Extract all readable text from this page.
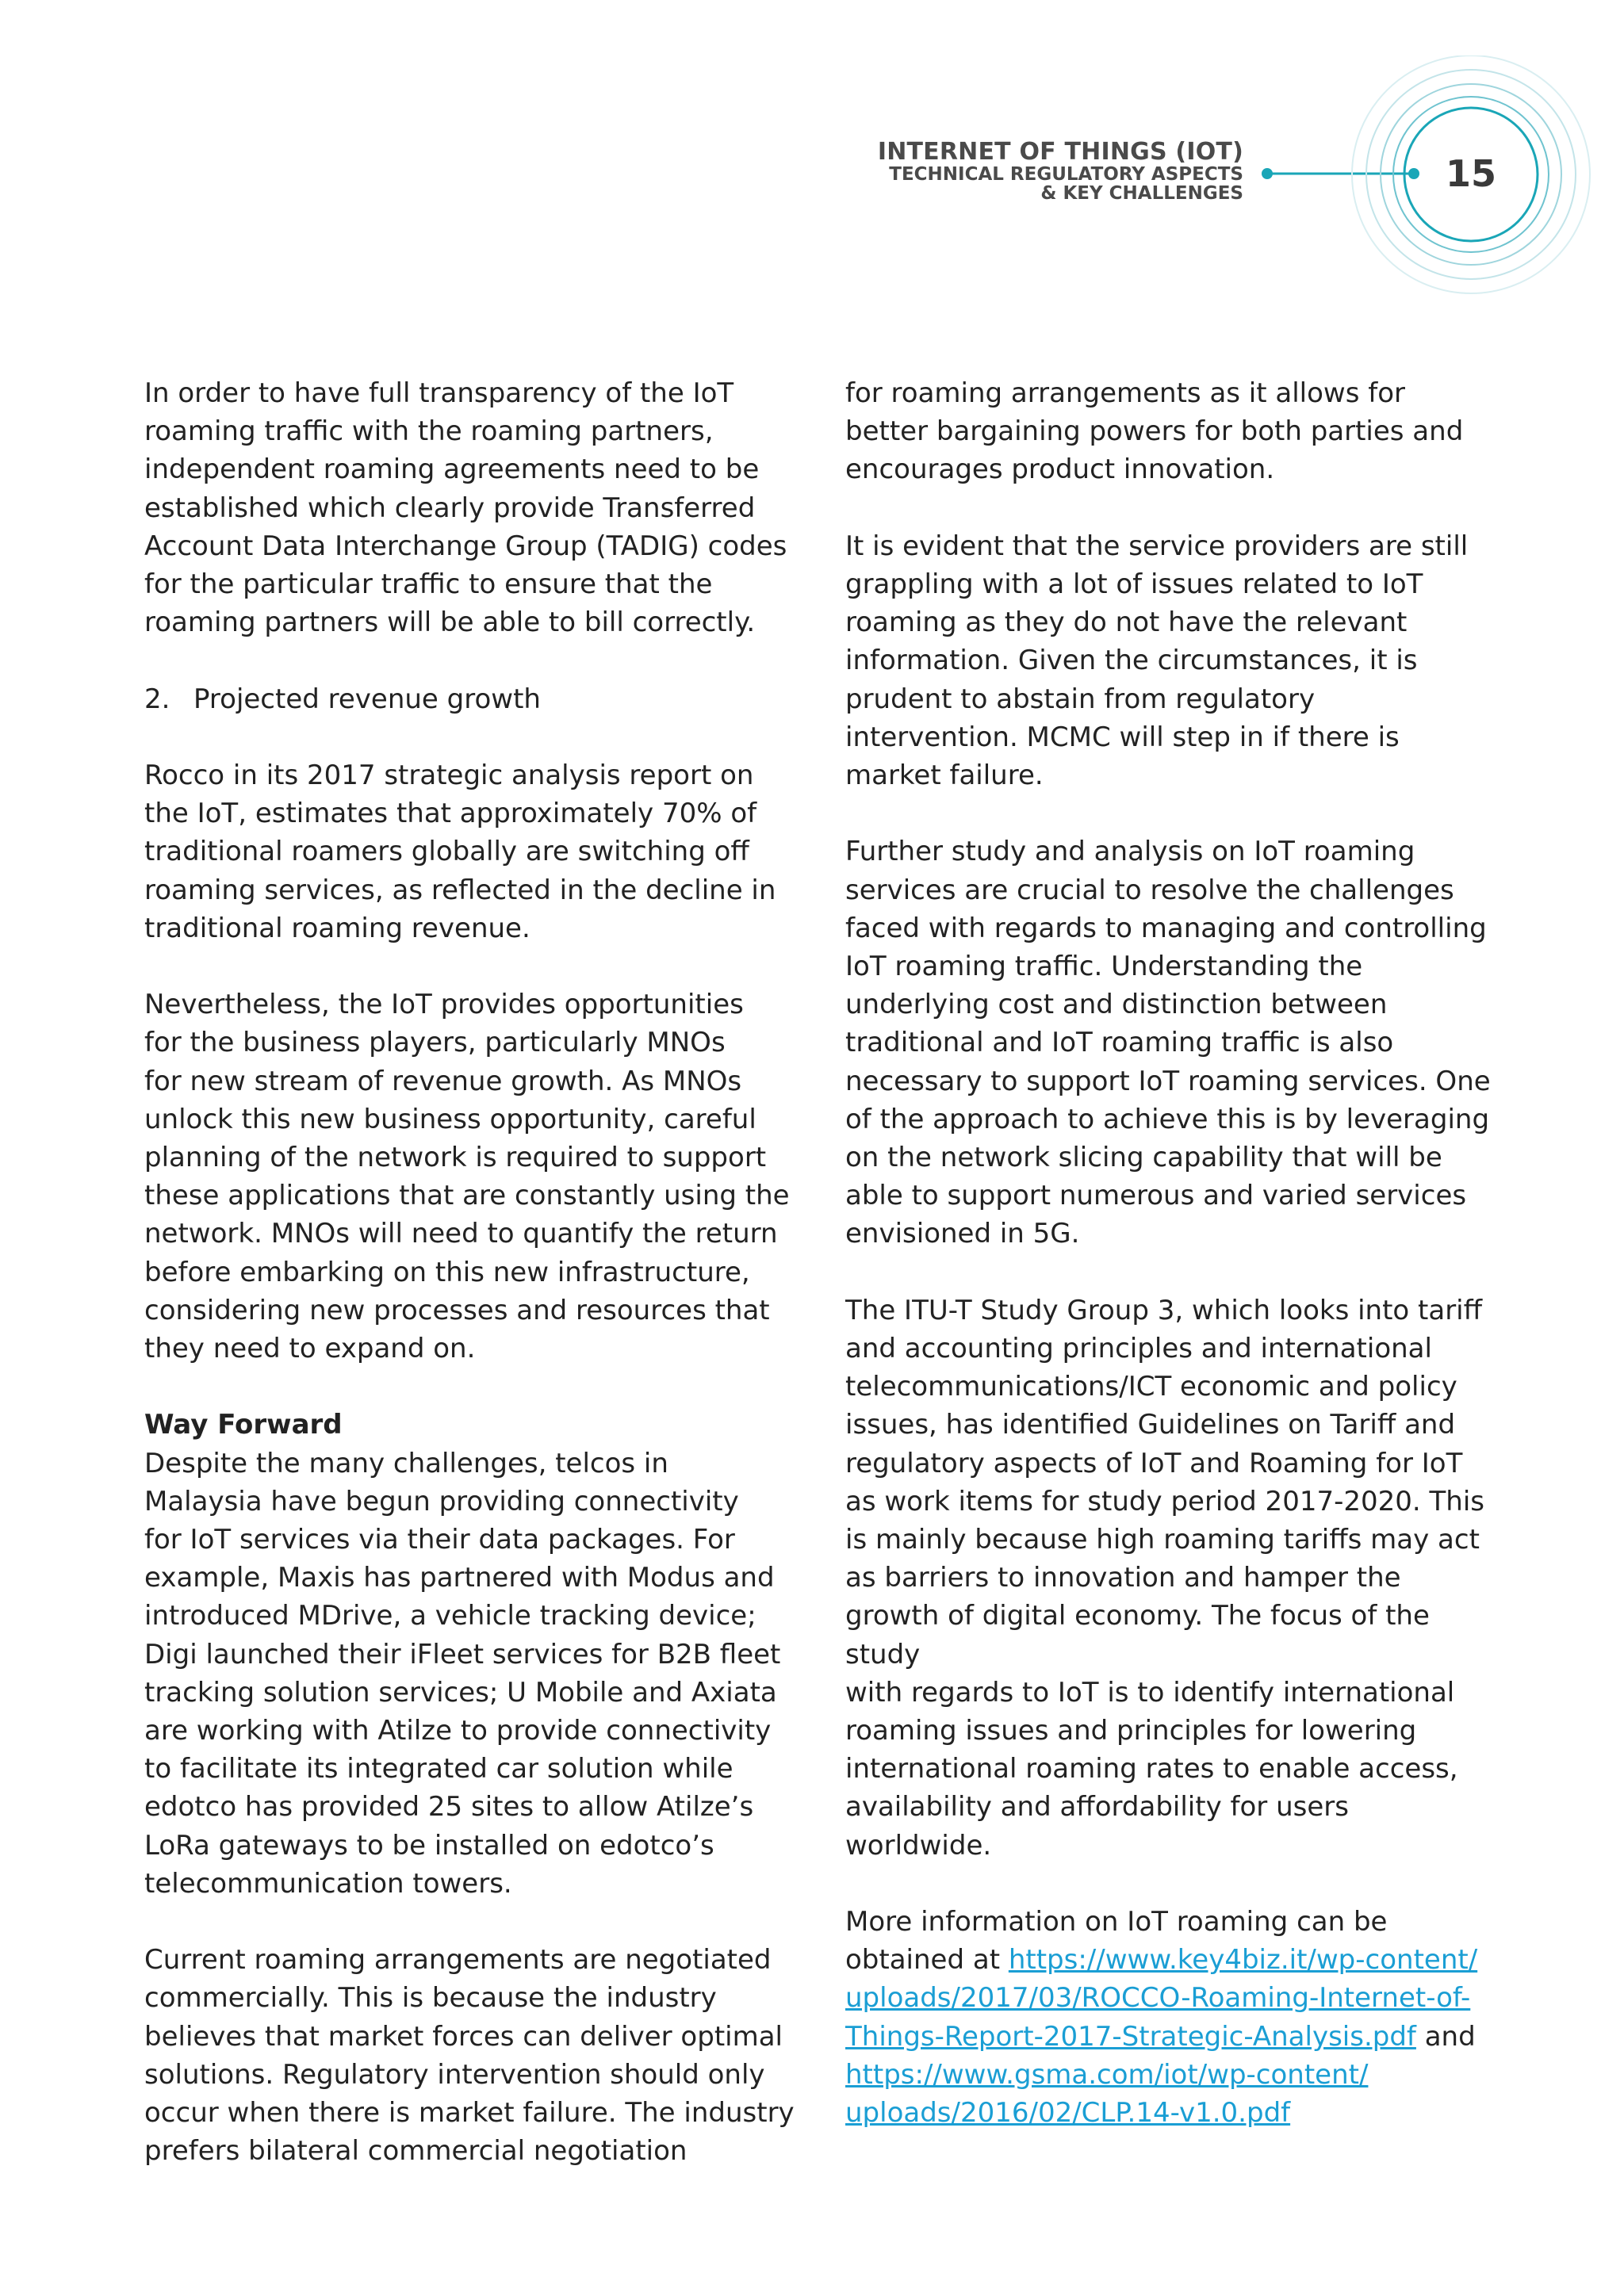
INTERNET OF THINGS (IOT)
TECHNICAL REGULATORY ASPECTS
& KEY CHALLENGES	15

In order to have full transparency of the IoT
roaming traffic with the roaming partners,
independent roaming agreements need to be
established which clearly provide Transferred
Account Data Interchange Group (TADIG) codes
for the particular traffic to ensure that the
roaming partners will be able to bill correctly.

2. Projected revenue growth

Rocco in its 2017 strategic analysis report on
the IoT, estimates that approximately 70% of
traditional roamers globally are switching off
roaming services, as reflected in the decline in
traditional roaming revenue.

Nevertheless, the IoT provides opportunities
for the business players, particularly MNOs
for new stream of revenue growth. As MNOs
unlock this new business opportunity, careful
planning of the network is required to support
these applications that are constantly using the
network. MNOs will need to quantify the return
before embarking on this new infrastructure,
considering new processes and resources that
they need to expand on.

Way Forward

Despite the many challenges, telcos in
Malaysia have begun providing connectivity
for IoT services via their data packages. For
example, Maxis has partnered with Modus and
introduced MDrive, a vehicle tracking device;
Digi launched their iFleet services for B2B fleet
tracking solution services; U Mobile and Axiata
are working with Atilze to provide connectivity
to facilitate its integrated car solution while
edotco has provided 25 sites to allow Atilze’s
LoRa gateways to be installed on edotco’s
telecommunication towers.

Current roaming arrangements are negotiated
commercially. This is because the industry
believes that market forces can deliver optimal
solutions. Regulatory intervention should only
occur when there is market failure. The industry
prefers bilateral commercial negotiation

for roaming arrangements as it allows for
better bargaining powers for both parties and
encourages product innovation.

It is evident that the service providers are still
grappling with a lot of issues related to IoT
roaming as they do not have the relevant
information. Given the circumstances, it is
prudent to abstain from regulatory
intervention. MCMC will step in if there is
market failure.

Further study and analysis on IoT roaming
services are crucial to resolve the challenges
faced with regards to managing and controlling
IoT roaming traffic. Understanding the
underlying cost and distinction between
traditional and IoT roaming traffic is also
necessary to support IoT roaming services. One
of the approach to achieve this is by leveraging
on the network slicing capability that will be
able to support numerous and varied services
envisioned in 5G.

The ITU-T Study Group 3, which looks into tariff
and accounting principles and international
telecommunications/ICT economic and policy
issues, has identified Guidelines on Tariff and
regulatory aspects of IoT and Roaming for IoT
as work items for study period 2017-2020. This
is mainly because high roaming tariffs may act
as barriers to innovation and hamper the
growth of digital economy. The focus of the
study
with regards to IoT is to identify international
roaming issues and principles for lowering
international roaming rates to enable access,
availability and affordability for users
worldwide.

More information on IoT roaming can be
obtained at https://www.key4biz.it/wp-content/
uploads/2017/03/ROCCO-Roaming-Internet-of-
Things-Report-2017-Strategic-Analysis.pdf and
https://www.gsma.com/iot/wp-content/
uploads/2016/02/CLP.14-v1.0.pdf
